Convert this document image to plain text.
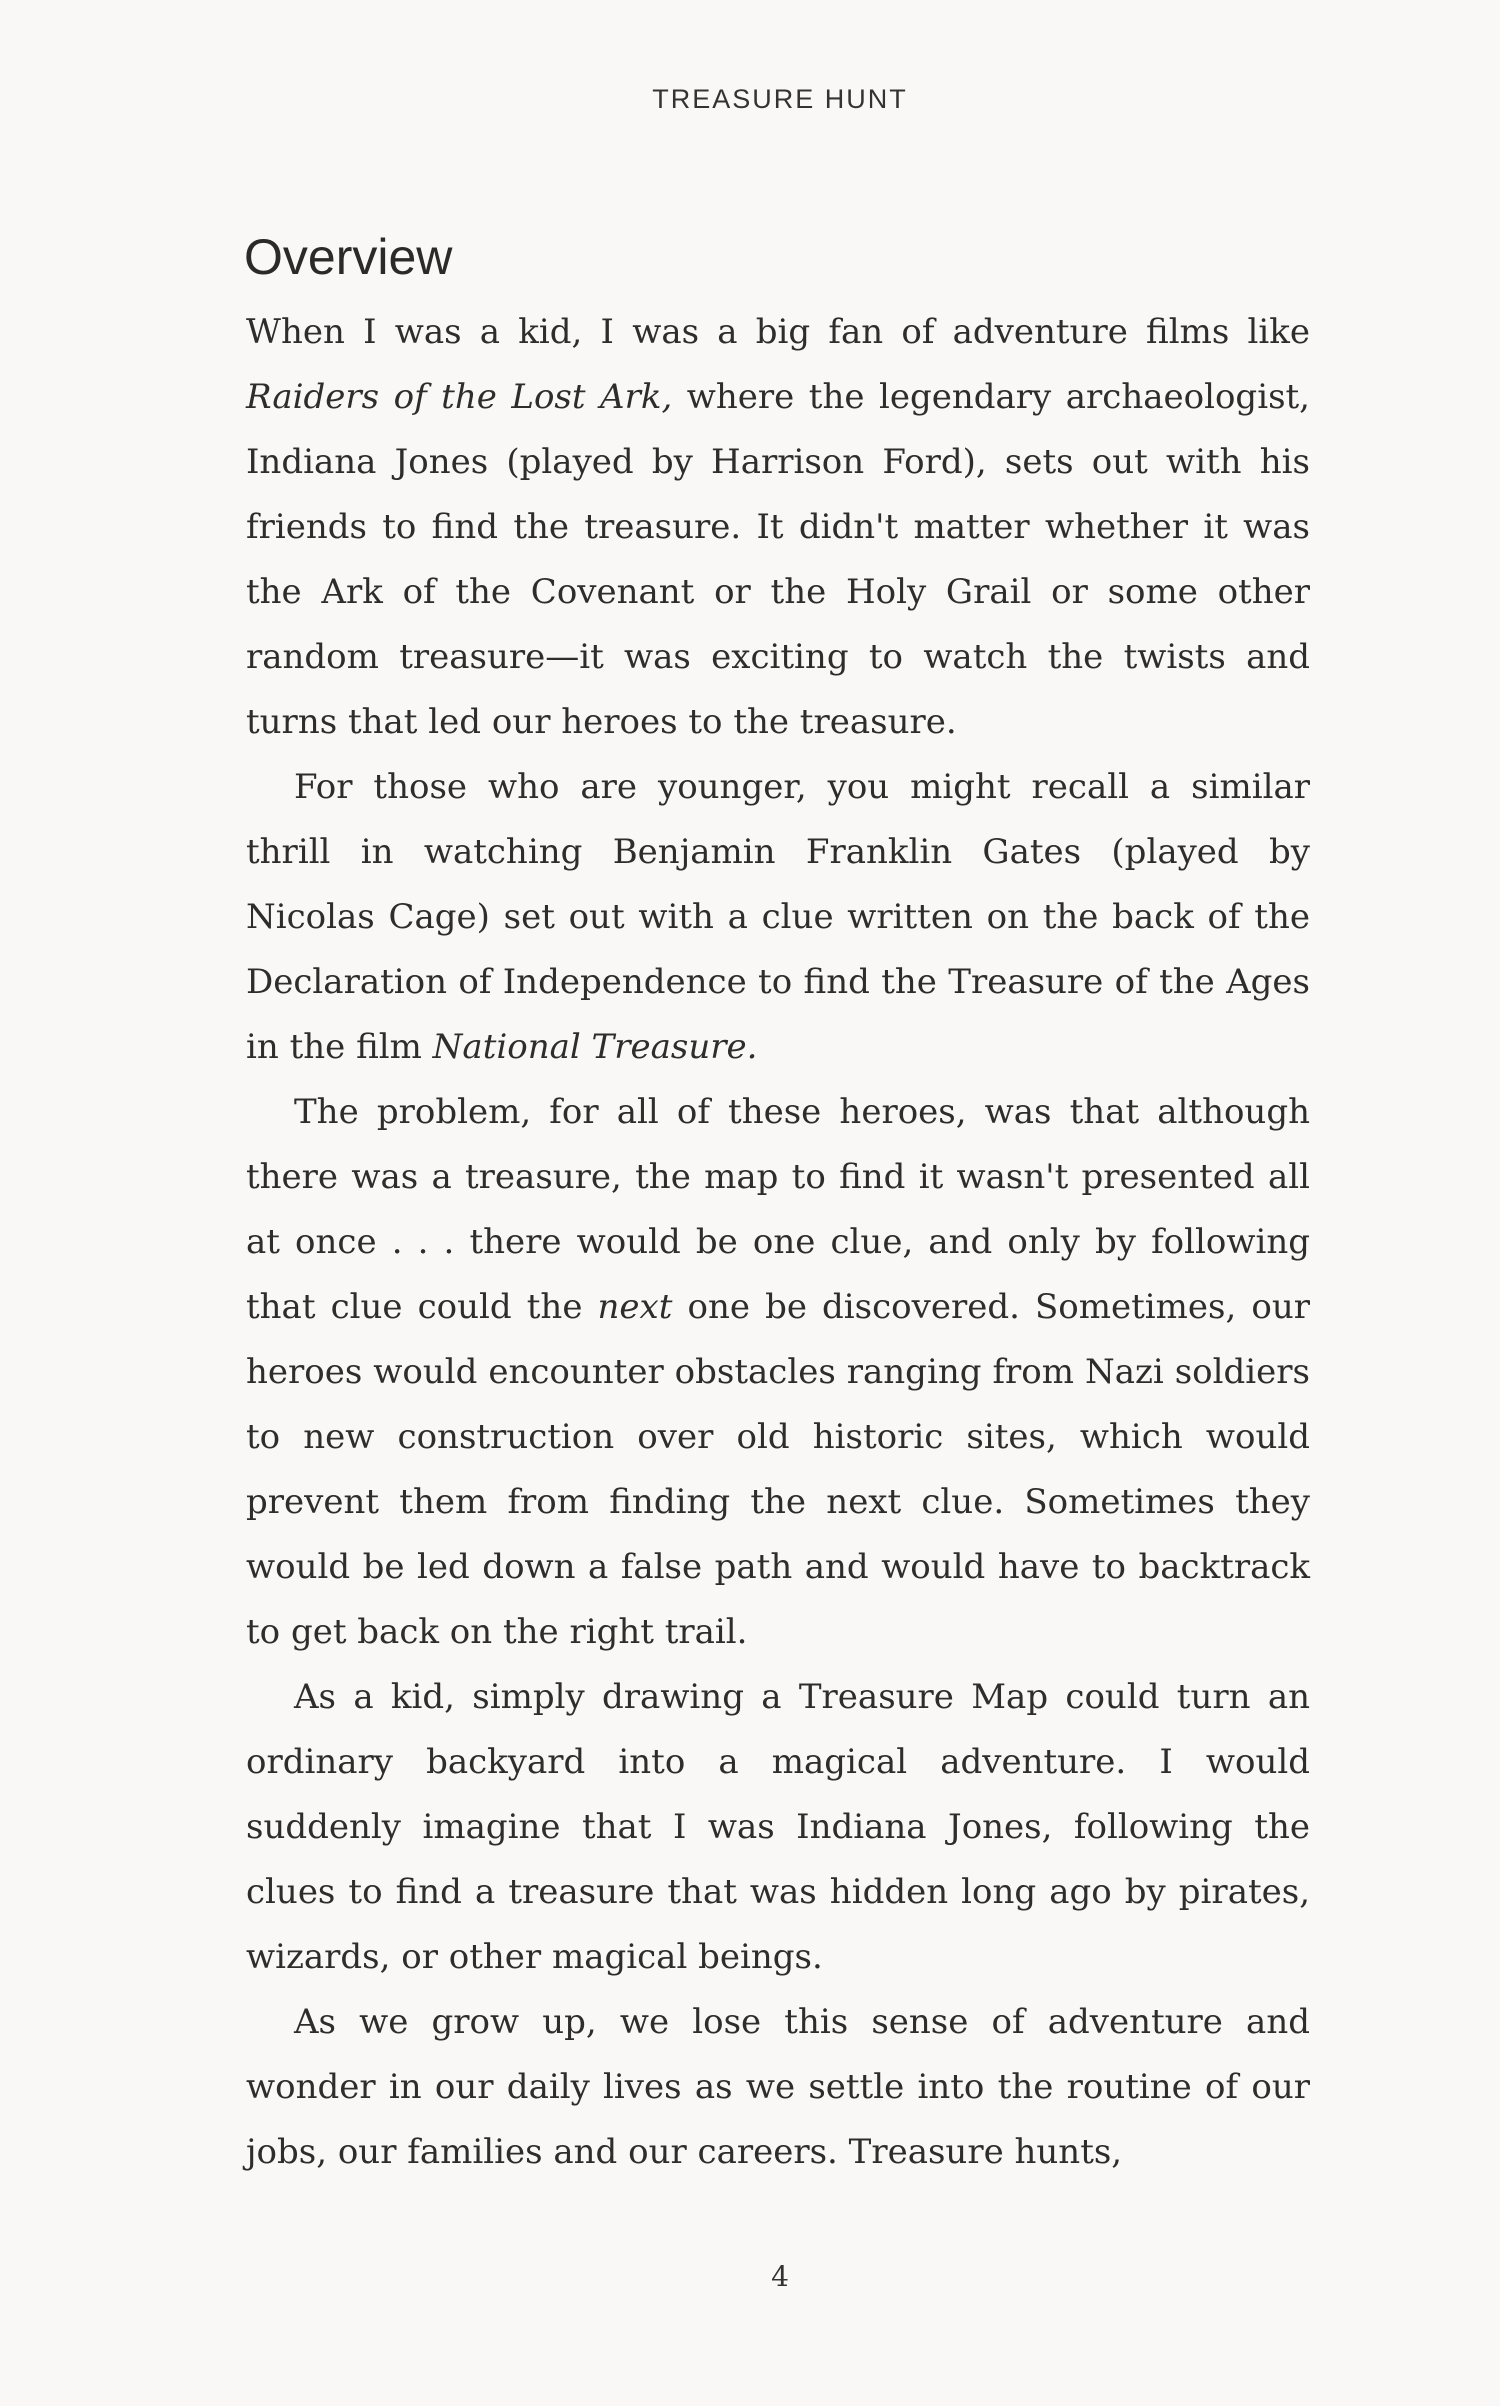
TREASURE HUNT
Overview

When I was a kid, I was a big fan of adventure films like Raiders of the Lost Ark, where the legendary archaeologist, Indiana Jones (played by Harrison Ford), sets out with his friends to find the treasure. It didn't matter whether it was the Ark of the Covenant or the Holy Grail or some other random treasure—it was exciting to watch the twists and turns that led our heroes to the treasure.

For those who are younger, you might recall a similar thrill in watching Benjamin Franklin Gates (played by Nicolas Cage) set out with a clue written on the back of the Declaration of Independence to find the Treasure of the Ages in the film National Treasure.

The problem, for all of these heroes, was that although there was a treasure, the map to find it wasn't presented all at once . . . there would be one clue, and only by following that clue could the next one be discovered. Sometimes, our heroes would encounter obstacles ranging from Nazi soldiers to new construction over old historic sites, which would prevent them from finding the next clue. Sometimes they would be led down a false path and would have to backtrack to get back on the right trail.

As a kid, simply drawing a Treasure Map could turn an ordinary backyard into a magical adventure. I would suddenly imagine that I was Indiana Jones, following the clues to find a treasure that was hidden long ago by pirates, wizards, or other magical beings.

As we grow up, we lose this sense of adventure and wonder in our daily lives as we settle into the routine of our jobs, our families and our careers. Treasure hunts,

4
